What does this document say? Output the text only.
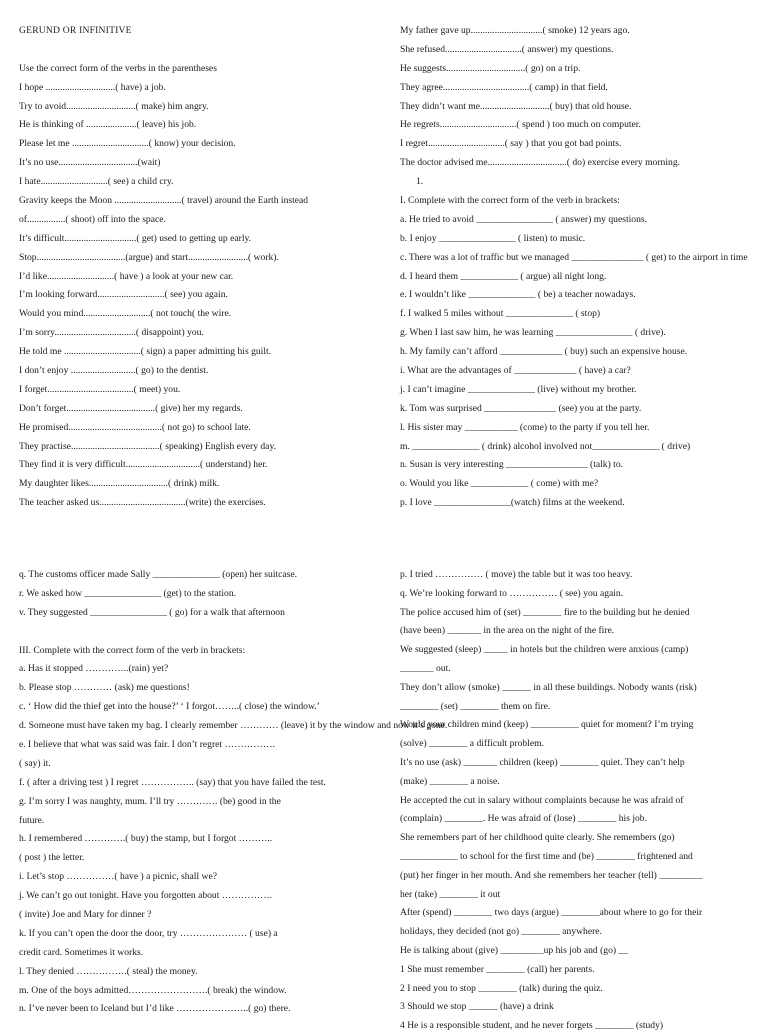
GERUND OR INFINITIVE
Use the correct form of the verbs in the parentheses
I hope .............................( have) a job.
Try to avoid.............................( make) him angry.
He is thinking of .....................( leave) his job.
Please let me ................................( know) your decision.
It’s no use.................................(wait)
I hate............................( see) a child cry.
Gravity keeps the Moon ............................( travel) around the Earth instead
of................( shoot) off into the space.
It’s difficult..............................( get) used to getting up early.
Stop.....................................(argue) and start.........................( work).
I’d like............................( have ) a look at your new car.
I’m looking forward............................( see) you again.
Would you mind............................( not touch( the wire.
I’m sorry..................................( disappoint) you.
He told me ................................( sign) a paper admitting his guilt.
I don’t enjoy ...........................( go) to the dentist.
I forget....................................( meet) you.
Don’t forget.....................................( give) her my regards.
He promised.......................................( not go) to school late.
They practise.....................................( speaking) English every day.
They find it is very difficult...............................( understand) her.
My daughter likes.................................( drink) milk.
The teacher asked us....................................(write) the exercises.
My father gave up..............................( smoke) 12 years ago.
She refused................................( answer) my questions.
He suggests.................................( go) on a trip.
They agree....................................( camp) in that field.
They didn’t want me.............................( buy) that old house.
He regrets................................( spend ) too much on computer.
I regret................................( say ) that you got bad points.
The doctor advised me.................................( do) exercise every morning.
1.
I. Complete with the correct form of the verb in brackets:
a. He tried to avoid ________________ ( answer) my questions.
b. I enjoy ________________ ( listen) to music.
c. There was a lot of traffic but we managed _______________ ( get) to the airport in time
d. I heard them ____________ ( argue) all night long.
e. I wouldn’t like ______________ ( be) a teacher nowadays.
f. I walked 5 miles without ______________ ( stop)
g. When I last saw him, he was learning ________________ ( drive).
h. My family can’t afford _____________ ( buy) such an expensive house.
i. What are the advantages of _____________ ( have) a car?
j. I can’t imagine ______________ (live) without my brother.
k. Tom was surprised _______________ (see) you at the party.
l. His sister may ___________ (come) to the party if you tell her.
m. ______________ ( drink) alcohol involved not______________ ( drive)
n. Susan is very interesting _________________ (talk) to.
o. Would you like ____________ ( come) with me?
p. I love ________________(watch) films at the weekend.
q. The customs officer made Sally ______________ (open) her suitcase.
r. We asked how ________________ (get) to the station.
v. They suggested ________________ ( go) for a walk that afternoon
III. Complete with the correct form of the verb in brackets:
a. Has it stopped …………..(rain) yet?
b. Please stop ………… (ask) me questions!
c. ‘ How did the thief get into the house?’ ‘ I forgot……..( close) the window.’
d. Someone must have taken my bag. I clearly remember ………… (leave) it by the window and now it’s gone.
e. I believe that what was said was fair. I don’t regret …………….
( say) it.
f. ( after a driving test ) I regret …………….. (say) that you have failed the test.
g. I’m sorry I was naughty, mum. I’ll try …………. (be) good in the
future.
h. I remembered ………….( buy) the stamp, but I forgot ………..
( post ) the letter.
i. Let’s stop ……………( have ) a picnic, shall we?
j. We can’t go out tonight. Have you forgotten about …………….
( invite) Joe and Mary for dinner ?
k. If you can’t open the door the door, try ………………… ( use) a
credit card. Sometimes it works.
l. They denied …………….( steal) the money.
m. One of the boys admitted…………………….( break) the window.
n. I’ve never been to Iceland but I’d like …………………..( go) there.
p. I tried …………… ( move) the table but it was too heavy.
q. We’re looking forward to …………… ( see) you again.
The police accused him of (set) ________ fire to the building but he denied
(have been) _______ in the area on the night of the fire.
We suggested (sleep) _____ in hotels but the children were anxious (camp)
_______ out.
They don’t allow (smoke) ______ in all these buildings. Nobody wants (risk)
________ (set) ________ them on fire.
Would your children mind (keep) __________ quiet for moment? I’m trying
(solve) ________ a difficult problem.
It’s no use (ask) _______ children (keep) ________ quiet. They can’t help
(make) ________ a noise.
He accepted the cut in salary without complaints because he was afraid of
(complain) ________. He was afraid of (lose) ________ his job.
She remembers part of her childhood quite clearly. She remembers (go)
____________ to school for the first time and (be) ________ frightened and
(put) her finger in her mouth. And she remembers her teacher (tell) _________
her (take) ________ it out
After (spend) ________ two days (argue) ________about where to go for their
holidays, they decided (not go) ________ anywhere.
He is talking about (give) _________up his job and (go) __
1 She must remember ________ (call) her parents.
2 I need you to stop ________ (talk) during the quiz.
3 Should we stop ______ (have) a drink
4 He is a responsible student, and he never forgets ________ (study)
